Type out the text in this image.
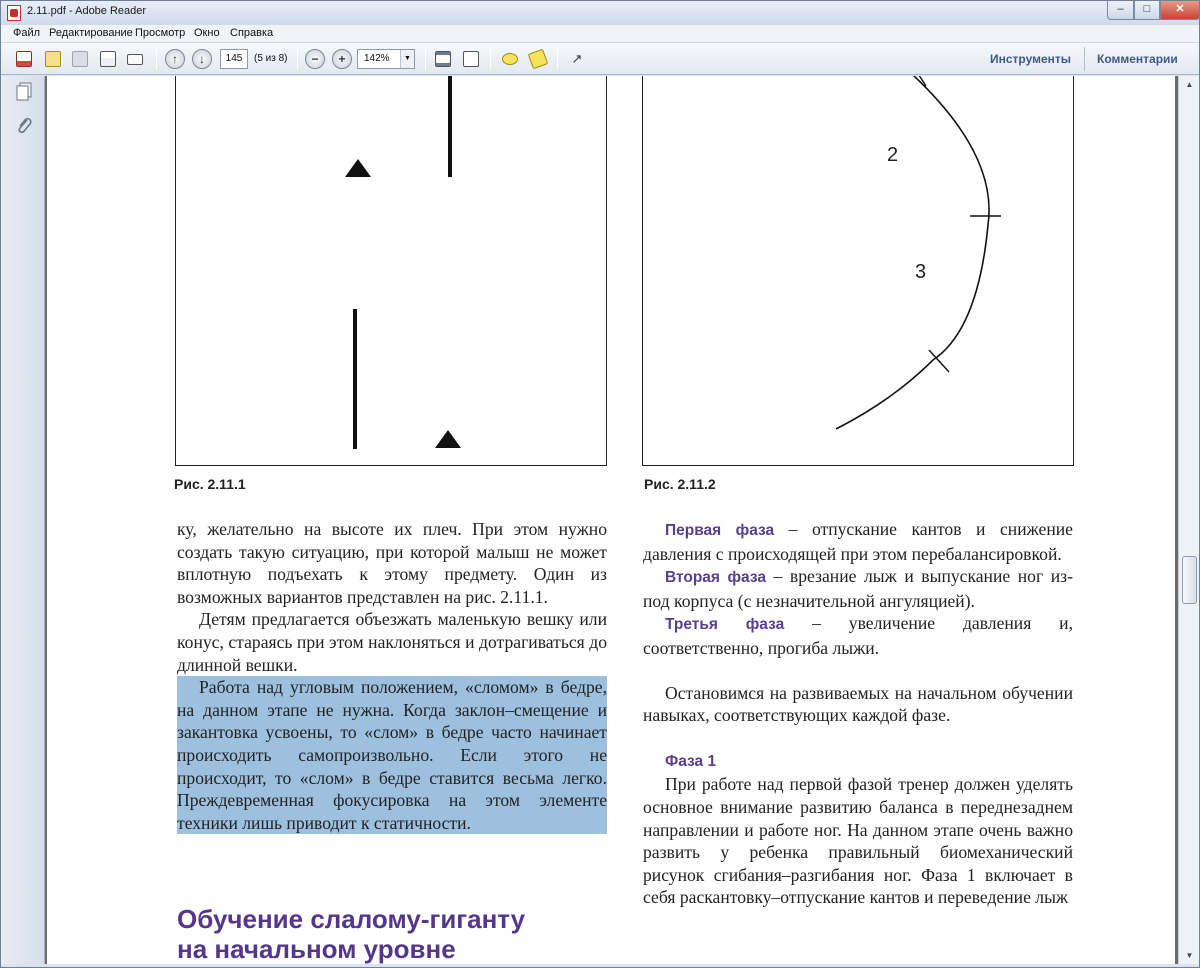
2.11.pdf - Adobe Reader	–	□	✕
Файл Редактирование Просмотр Окно Справка
↑	↓	−	+	↗
145	(5 из 8)	142%	▼	Инструменты Комментарии
Рис. 2.11.1
2
3
Рис. 2.11.2

ку, желательно на высоте их плеч. При этом нужно создать такую ситуацию, при которой малыш не может вплотную подъехать к этому предмету. Один из возможных вариантов представлен на рис. 2.11.1.

Детям предлагается объезжать маленькую вешку или конус, стараясь при этом наклоняться и дотрагиваться до длинной вешки.

Работа над угловым положением, «сломом» в бедре, на данном этапе не нужна. Когда заклон–смещение и закантовка усвоены, то «слом» в бедре часто начинает происходить самопроизвольно. Если этого не происходит, то «слом» в бедре ставится весьма легко. Преждевременная фокусировка на этом элементе техники лишь приводит к статичности.

Обучение слалому-гиганту
на начальном уровне

Первая фаза – отпускание кантов и снижение давления с происходящей при этом перебалансировкой.

Вторая фаза – врезание лыж и выпускание ног из-под корпуса (с незначительной ангуляцией).

Третья фаза – увеличение давления и, соответственно, прогиба лыжи.

Остановимся на развиваемых на начальном обучении навыках, соответствующих каждой фазе.

Фаза 1

При работе над первой фазой тренер должен уделять основное внимание развитию баланса в переднезаднем направлении и работе ног. На данном этапе очень важно развить у ребенка правильный биомеханический рисунок сгибания–разгибания ног. Фаза 1 включает в себя раскантовку–отпускание кантов и переведение лыж

▲
▼
